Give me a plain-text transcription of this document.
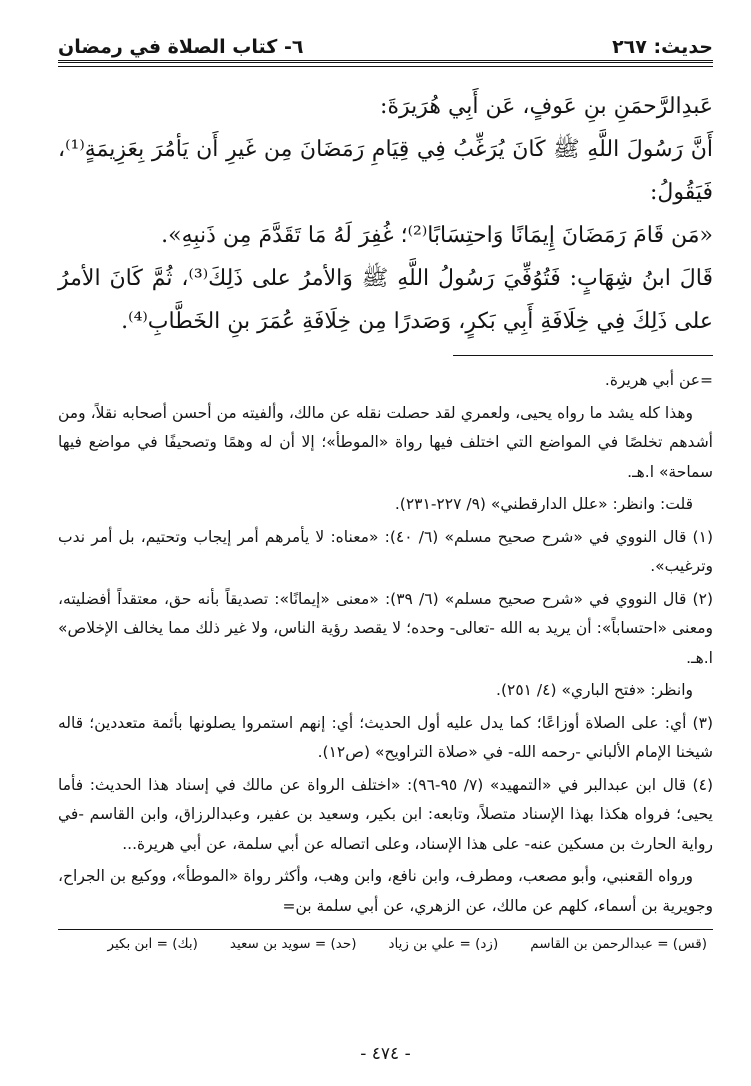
حديث: ٢٦٧
٦- كتاب الصلاة في رمضان

عَبدِالرَّحمَنِ بنِ عَوفٍ، عَن أَبِي هُرَيرَةَ:

أَنَّ رَسُولَ اللَّهِ ﷺ كَانَ يُرَغِّبُ فِي قِيَامِ رَمَضَانَ مِن غَيرِ أَن يَأمُرَ بِعَزِيمَةٍ⁽¹⁾، فَيَقُولُ:

«مَن قَامَ رَمَضَانَ إِيمَانًا وَاحتِسَابًا⁽²⁾؛ غُفِرَ لَهُ مَا تَقَدَّمَ مِن ذَنبِهِ».

قَالَ ابنُ شِهَابٍ: فَتُوُفِّيَ رَسُولُ اللَّهِ ﷺ وَالأمرُ على ذَلِكَ⁽³⁾، ثُمَّ كَانَ الأمرُ على ذَلِكَ فِي خِلَافَةِ أَبِي بَكرٍ، وَصَدرًا مِن خِلَافَةِ عُمَرَ بنِ الخَطَّابِ⁽⁴⁾.

=عن أبي هريرة.

وهذا كله يشد ما رواه يحيى، ولعمري لقد حصلت نقله عن مالك، وألفيته من أحسن أصحابه نقلاً، ومن أشدهم تخلصًا في المواضع التي اختلف فيها رواة «الموطأ»؛ إلا أن له وهمًا وتصحيفًا في مواضع فيها سماحة» ا.هـ.

قلت: وانظر: «علل الدارقطني» (٩/ ٢٢٧-٢٣١).

(١) قال النووي في «شرح صحيح مسلم» (٦/ ٤٠): «معناه: لا يأمرهم أمر إيجاب وتحتيم، بل أمر ندب وترغيب».

(٢) قال النووي في «شرح صحيح مسلم» (٦/ ٣٩): «معنى «إيمانًا»: تصديقاً بأنه حق، معتقداً أفضليته، ومعنى «احتساباً»: أن يريد به الله -تعالى- وحده؛ لا يقصد رؤية الناس، ولا غير ذلك مما يخالف الإخلاص» ا.هـ.

وانظر: «فتح الباري» (٤/ ٢٥١).

(٣) أي: على الصلاة أوزاعًا؛ كما يدل عليه أول الحديث؛ أي: إنهم استمروا يصلونها بأئمة متعددين؛ قاله شيخنا الإمام الألباني -رحمه الله- في «صلاة التراويح» (ص١٢).

(٤) قال ابن عبدالبر في «التمهيد» (٧/ ٩٥-٩٦): «اختلف الرواة عن مالك في إسناد هذا الحديث: فأما يحيى؛ فرواه هكذا بهذا الإسناد متصلاً، وتابعه: ابن بكير، وسعيد بن عفير، وعبدالرزاق، وابن القاسم -في رواية الحارث بن مسكين عنه- على هذا الإسناد، وعلى اتصاله عن أبي سلمة، عن أبي هريرة...

ورواه القعنبي، وأبو مصعب، ومطرف، وابن نافع، وابن وهب، وأكثر رواة «الموطأ»، ووكيع بن الجراح، وجويرية بن أسماء، كلهم عن مالك، عن الزهري، عن أبي سلمة بن=

(قس) = عبدالرحمن بن القاسم
(زد) = علي بن زياد
(حد) = سويد بن سعيد
(بك) = ابن بكير
- ٤٧٤ -
